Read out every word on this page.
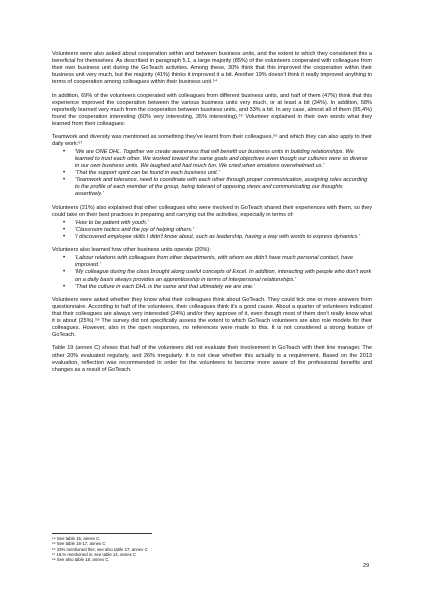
Volunteers were also asked about cooperation within and between business units, and the extent to which they considered this a beneficial for themselves. As described in paragraph 5.1, a large majority (85%) of the volunteers cooperated with colleagues from their own business unit during the GoTeach activities. Among these, 30% think that this improved the cooperation within their business unit very much, but the majority (41%) thinks it improved it a bit. Another 19% doesn't think it really improved anything in terms of cooperation among colleagues within their business unit.⁵⁴

In addition, 69% of the volunteers cooperated with colleagues from different business units, and half of them (47%) think that this experience improved the cooperation between the various business units very much, or at least a bit (34%). In addition, 58% reportedly learned very much from the cooperation between business units, and 33% a bit. In any case, almost all of them (95,4%) found the cooperation interesting (60% very interesting, 35% interesting).⁵⁵ Volunteer explained in their own words what they learned from their colleagues:

Teamwork and diversity was mentioned as something they've learnt from their colleagues,⁵⁶ and which they can also apply to their daily work:⁵⁷

• 'We are ONE DHL. Together we create awareness that will benefit our business units in building relationships. We learned to trust each other. We worked toward the same goals and objectives even though our cultures were so diverse in our own business units. We laughed and had much fun. We cried when emotions overwhelmed us.'
• 'That the support spirit can be found in each business unit.'
• 'Teamwork and tolerance, need to coordinate with each other through proper communication, assigning roles according to the profile of each member of the group, being tolerant of opposing views and communicating our thoughts assertively.'

Volunteers (21%) also explained that other colleagues who were involved in GoTeach shared their experiences with them, so they could take on their best practices in preparing and carrying out the activities, especially in terms of:

• 'How to be patient with youth.'
• 'Classroom tactics and the joy of helping others.'
• 'I discovered employee skills I didn't know about, such as leadership, having a way with words to express dynamics.'

Volunteers also learned how other business units operate (20%):

• 'Labour relations with colleagues from other departments, with whom we didn't have much personal contact, have improved.'
• 'My colleague during the class brought along useful concepts of Excel. In addition, interacting with people who don't work on a daily basis always provides an apprenticeship in terms of interpersonal relationships.'
• 'That the culture in each DHL is the same and that ultimately we are one.'

Volunteers were asked whether they know what their colleagues think about GoTeach. They could tick one or more answers from questionnaire. According to half of the volunteers, their colleagues think it's a good cause. About a quarter of volunteers indicated that their colleagues are always very interested (24%) and/or they approve of it, even though most of them don't really know what it is about (25%).⁵⁸ The survey did not specifically assess the extent to which GoTeach volunteers are also role models for their colleagues. However, also in the open responses, no references were made to this. It is not considered a strong feature of GoTeach.

Table 19 (annex C) shows that half of the volunteers did not evaluate their involvement in GoTeach with their line manager. The other 20% evaluated regularly, and 26% irregularly. It is not clear whether this actually is a requirement. Based on the 2013 evaluation, reflection was recommended in order for the volunteers to become more aware of the professional benefits and changes as a result of GoTeach.

⁵⁴ See table 15, annex C.
⁵⁵ See table 16-17, annex C
⁵⁶ 33% mentioned this; see also table 17, annex C
⁵⁷ 16,% mentioned is; see table 14, annex C
⁵⁸ See also table 18, annex C.
29
